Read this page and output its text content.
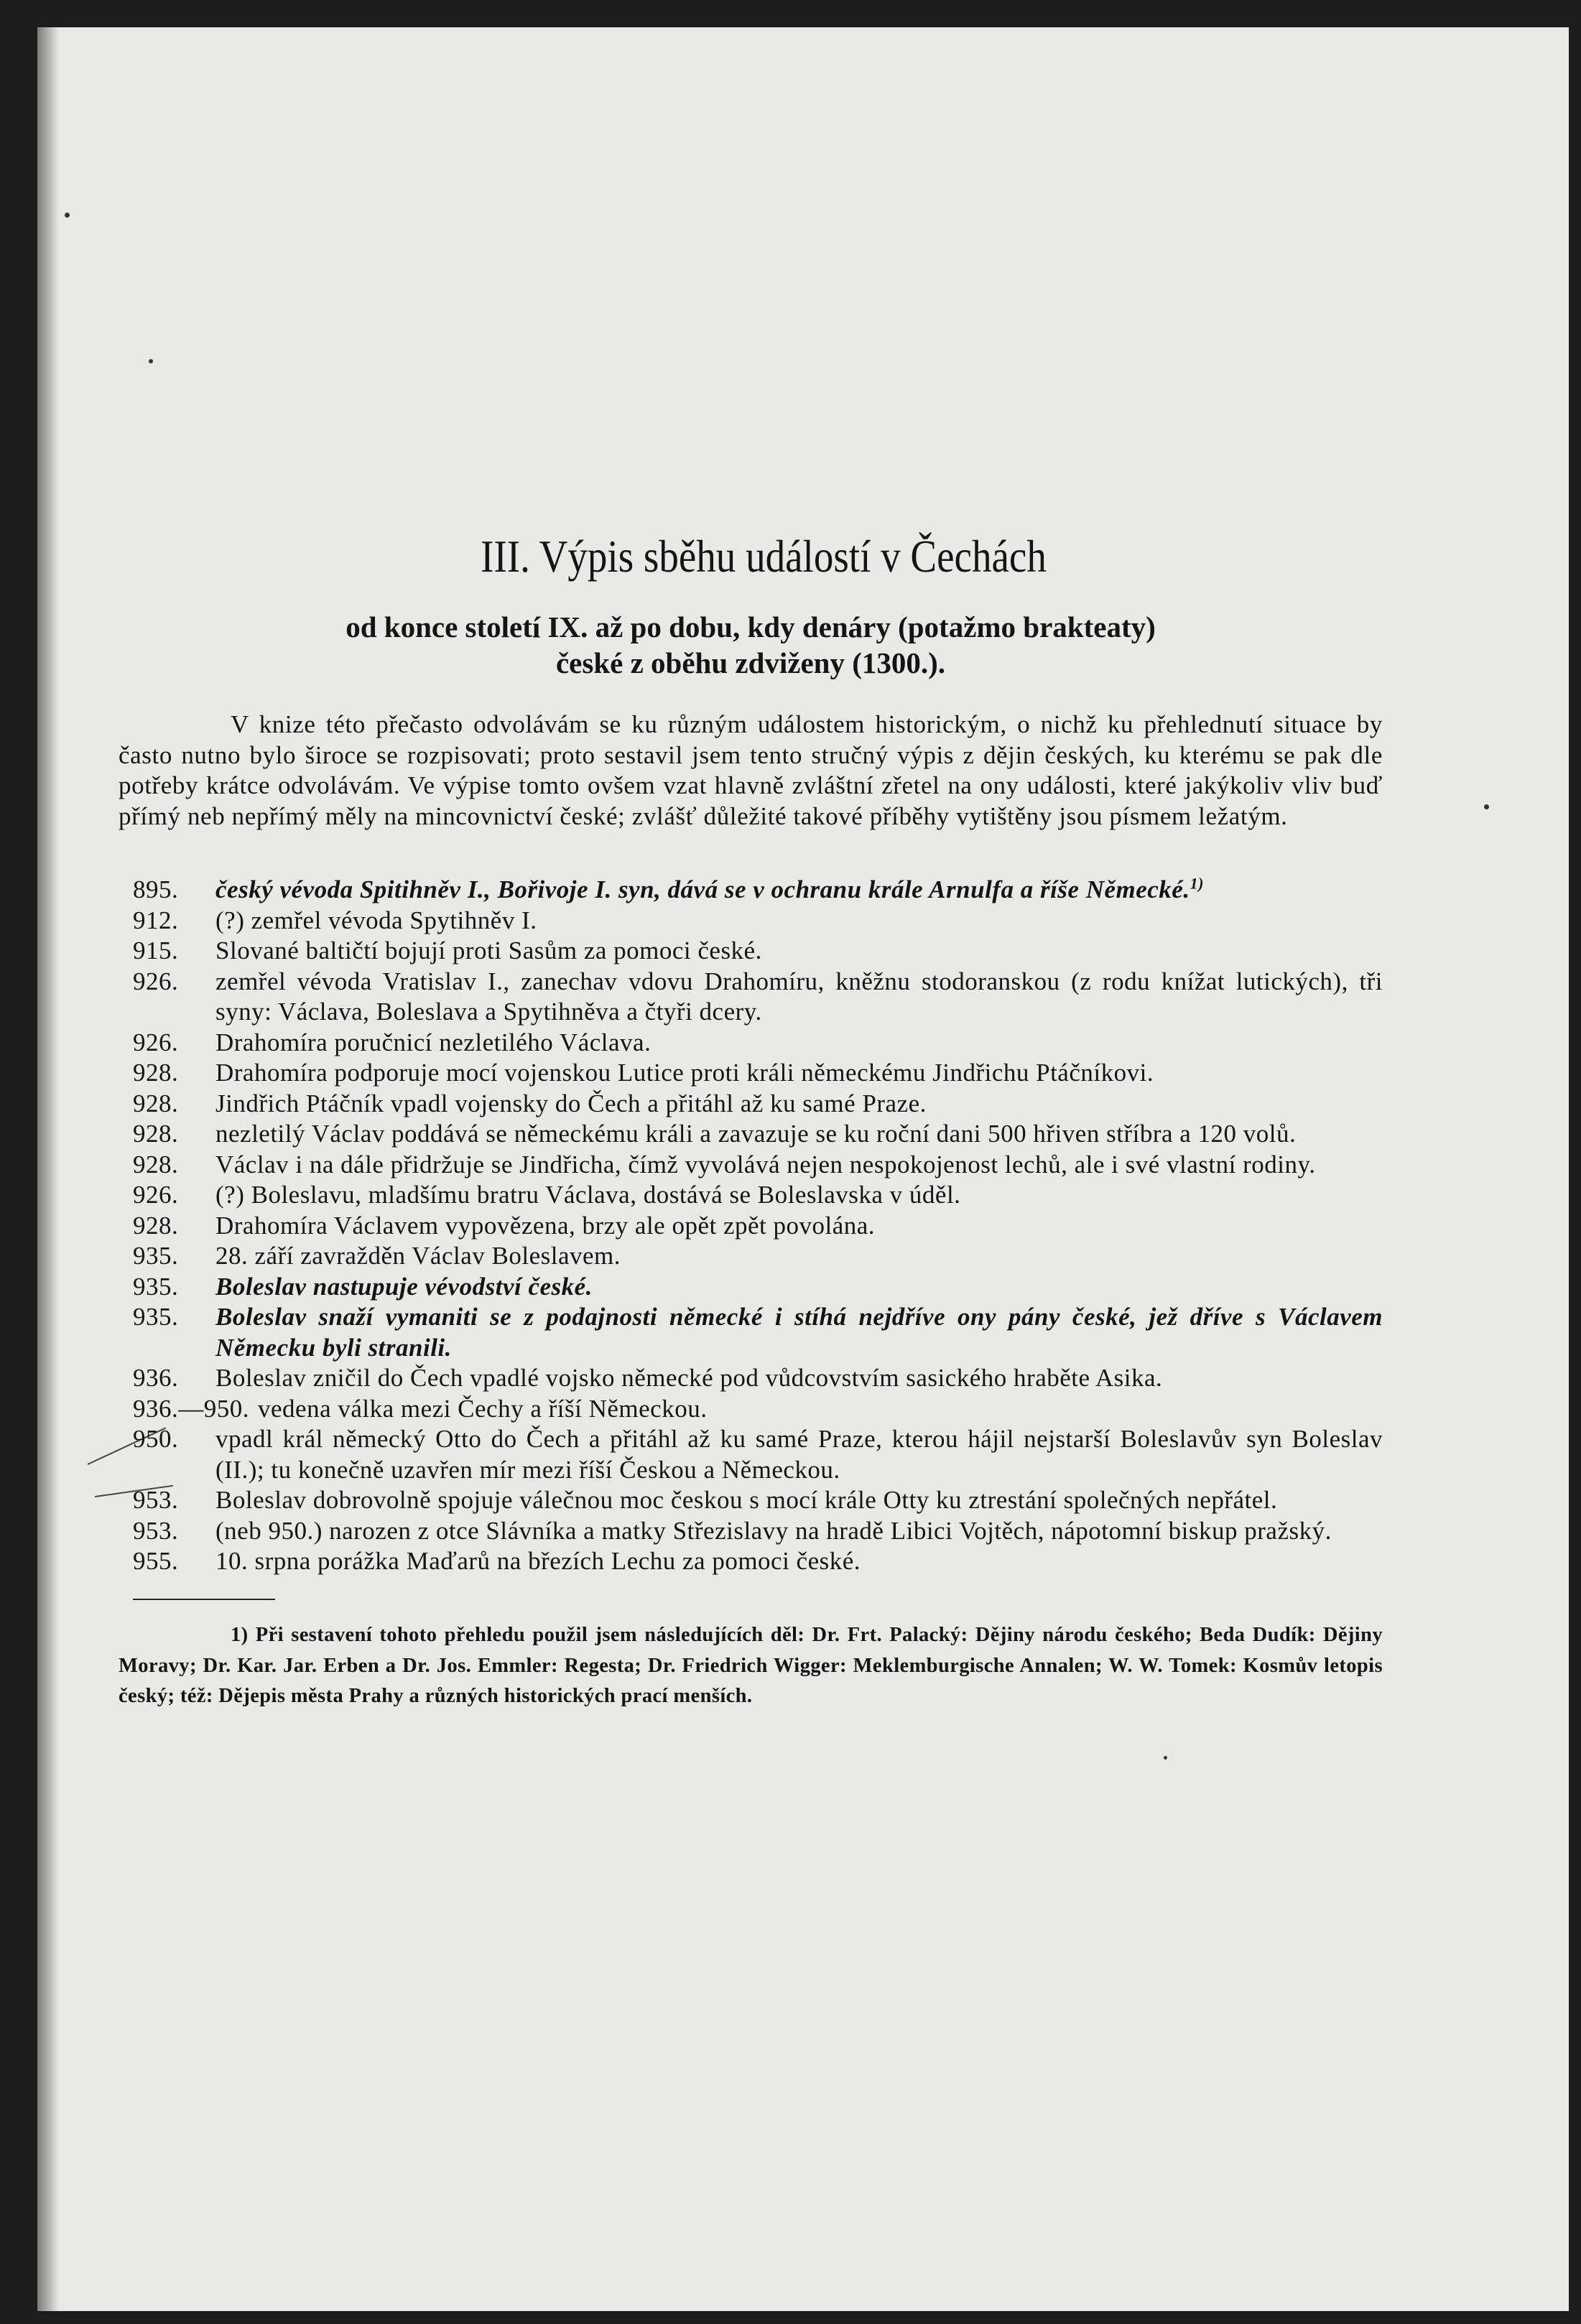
III. Výpis sběhu událostí v Čechách
od konce století IX. až po dobu, kdy denáry (potažmo brakteaty)
české z oběhu zdviženy (1300.).

V knize této přečasto odvolávám se ku různým událostem historickým, o nichž ku přehlednutí situace by často nutno bylo široce se rozpisovati; proto sestavil jsem tento stručný výpis z dějin českých, ku kterému se pak dle potřeby krátce odvolávám. Ve výpise tomto ovšem vzat hlavně zvláštní zřetel na ony události, které jakýkoliv vliv buď přímý neb nepřímý měly na mincovnictví české; zvlášť důležité takové příběhy vytištěny jsou písmem ležatým.

895.	český vévoda Spitihněv I., Bořivoje I. syn, dává se v ochranu krále Arnulfa a říše Německé.$^{1)}$
912.	(?) zemřel vévoda Spytihněv I.
915.	Slované baltičtí bojují proti Sasům za pomoci české.
926.	zemřel vévoda Vratislav I., zanechav vdovu Drahomíru, kněžnu stodoranskou (z rodu knížat lutických), tři syny: Václava, Boleslava a Spytihněva a čtyři dcery.
926.	Drahomíra poručnicí nezletilého Václava.
928.	Drahomíra podporuje mocí vojenskou Lutice proti králi německému Jindřichu Ptáčníkovi.
928.	Jindřich Ptáčník vpadl vojensky do Čech a přitáhl až ku samé Praze.
928.	nezletilý Václav poddává se německému králi a zavazuje se ku roční dani 500 hřiven stříbra a 120 volů.
928.	Václav i na dále přidržuje se Jindřicha, čímž vyvolává nejen nespokojenost lechů, ale i své vlastní rodiny.
926.	(?) Boleslavu, mladšímu bratru Václava, dostává se Boleslavska v úděl.
928.	Drahomíra Václavem vypovězena, brzy ale opět zpět povolána.
935.	28. září zavražděn Václav Boleslavem.
935.	Boleslav nastupuje vévodství české.
935.	Boleslav snaží vymaniti se z podajnosti německé i stíhá nejdříve ony pány české, jež dříve s Václavem Německu byli stranili.
936.	Boleslav zničil do Čech vpadlé vojsko německé pod vůdcovstvím sasického hraběte Asika.
936.—950. vedena válka mezi Čechy a říší Německou.
950.	vpadl král německý Otto do Čech a přitáhl až ku samé Praze, kterou hájil nejstarší Boleslavův syn Boleslav (II.); tu konečně uzavřen mír mezi říší Českou a Německou.
953.	Boleslav dobrovolně spojuje válečnou moc českou s mocí krále Otty ku ztrestání společných nepřátel.
953.	(neb 950.) narozen z otce Slávníka a matky Střezislavy na hradě Libici Vojtěch, nápotomní biskup pražský.
955.	10. srpna porážka Maďarů na březích Lechu za pomoci české.

1) Při sestavení tohoto přehledu použil jsem následujících děl: Dr. Frt. Palacký: Dějiny národu českého; Beda Dudík: Dějiny Moravy; Dr. Kar. Jar. Erben a Dr. Jos. Emmler: Regesta; Dr. Friedrich Wigger: Meklemburgische Annalen; W. W. Tomek: Kosmův letopis český; též: Dějepis města Prahy a různých historických prací menších.
